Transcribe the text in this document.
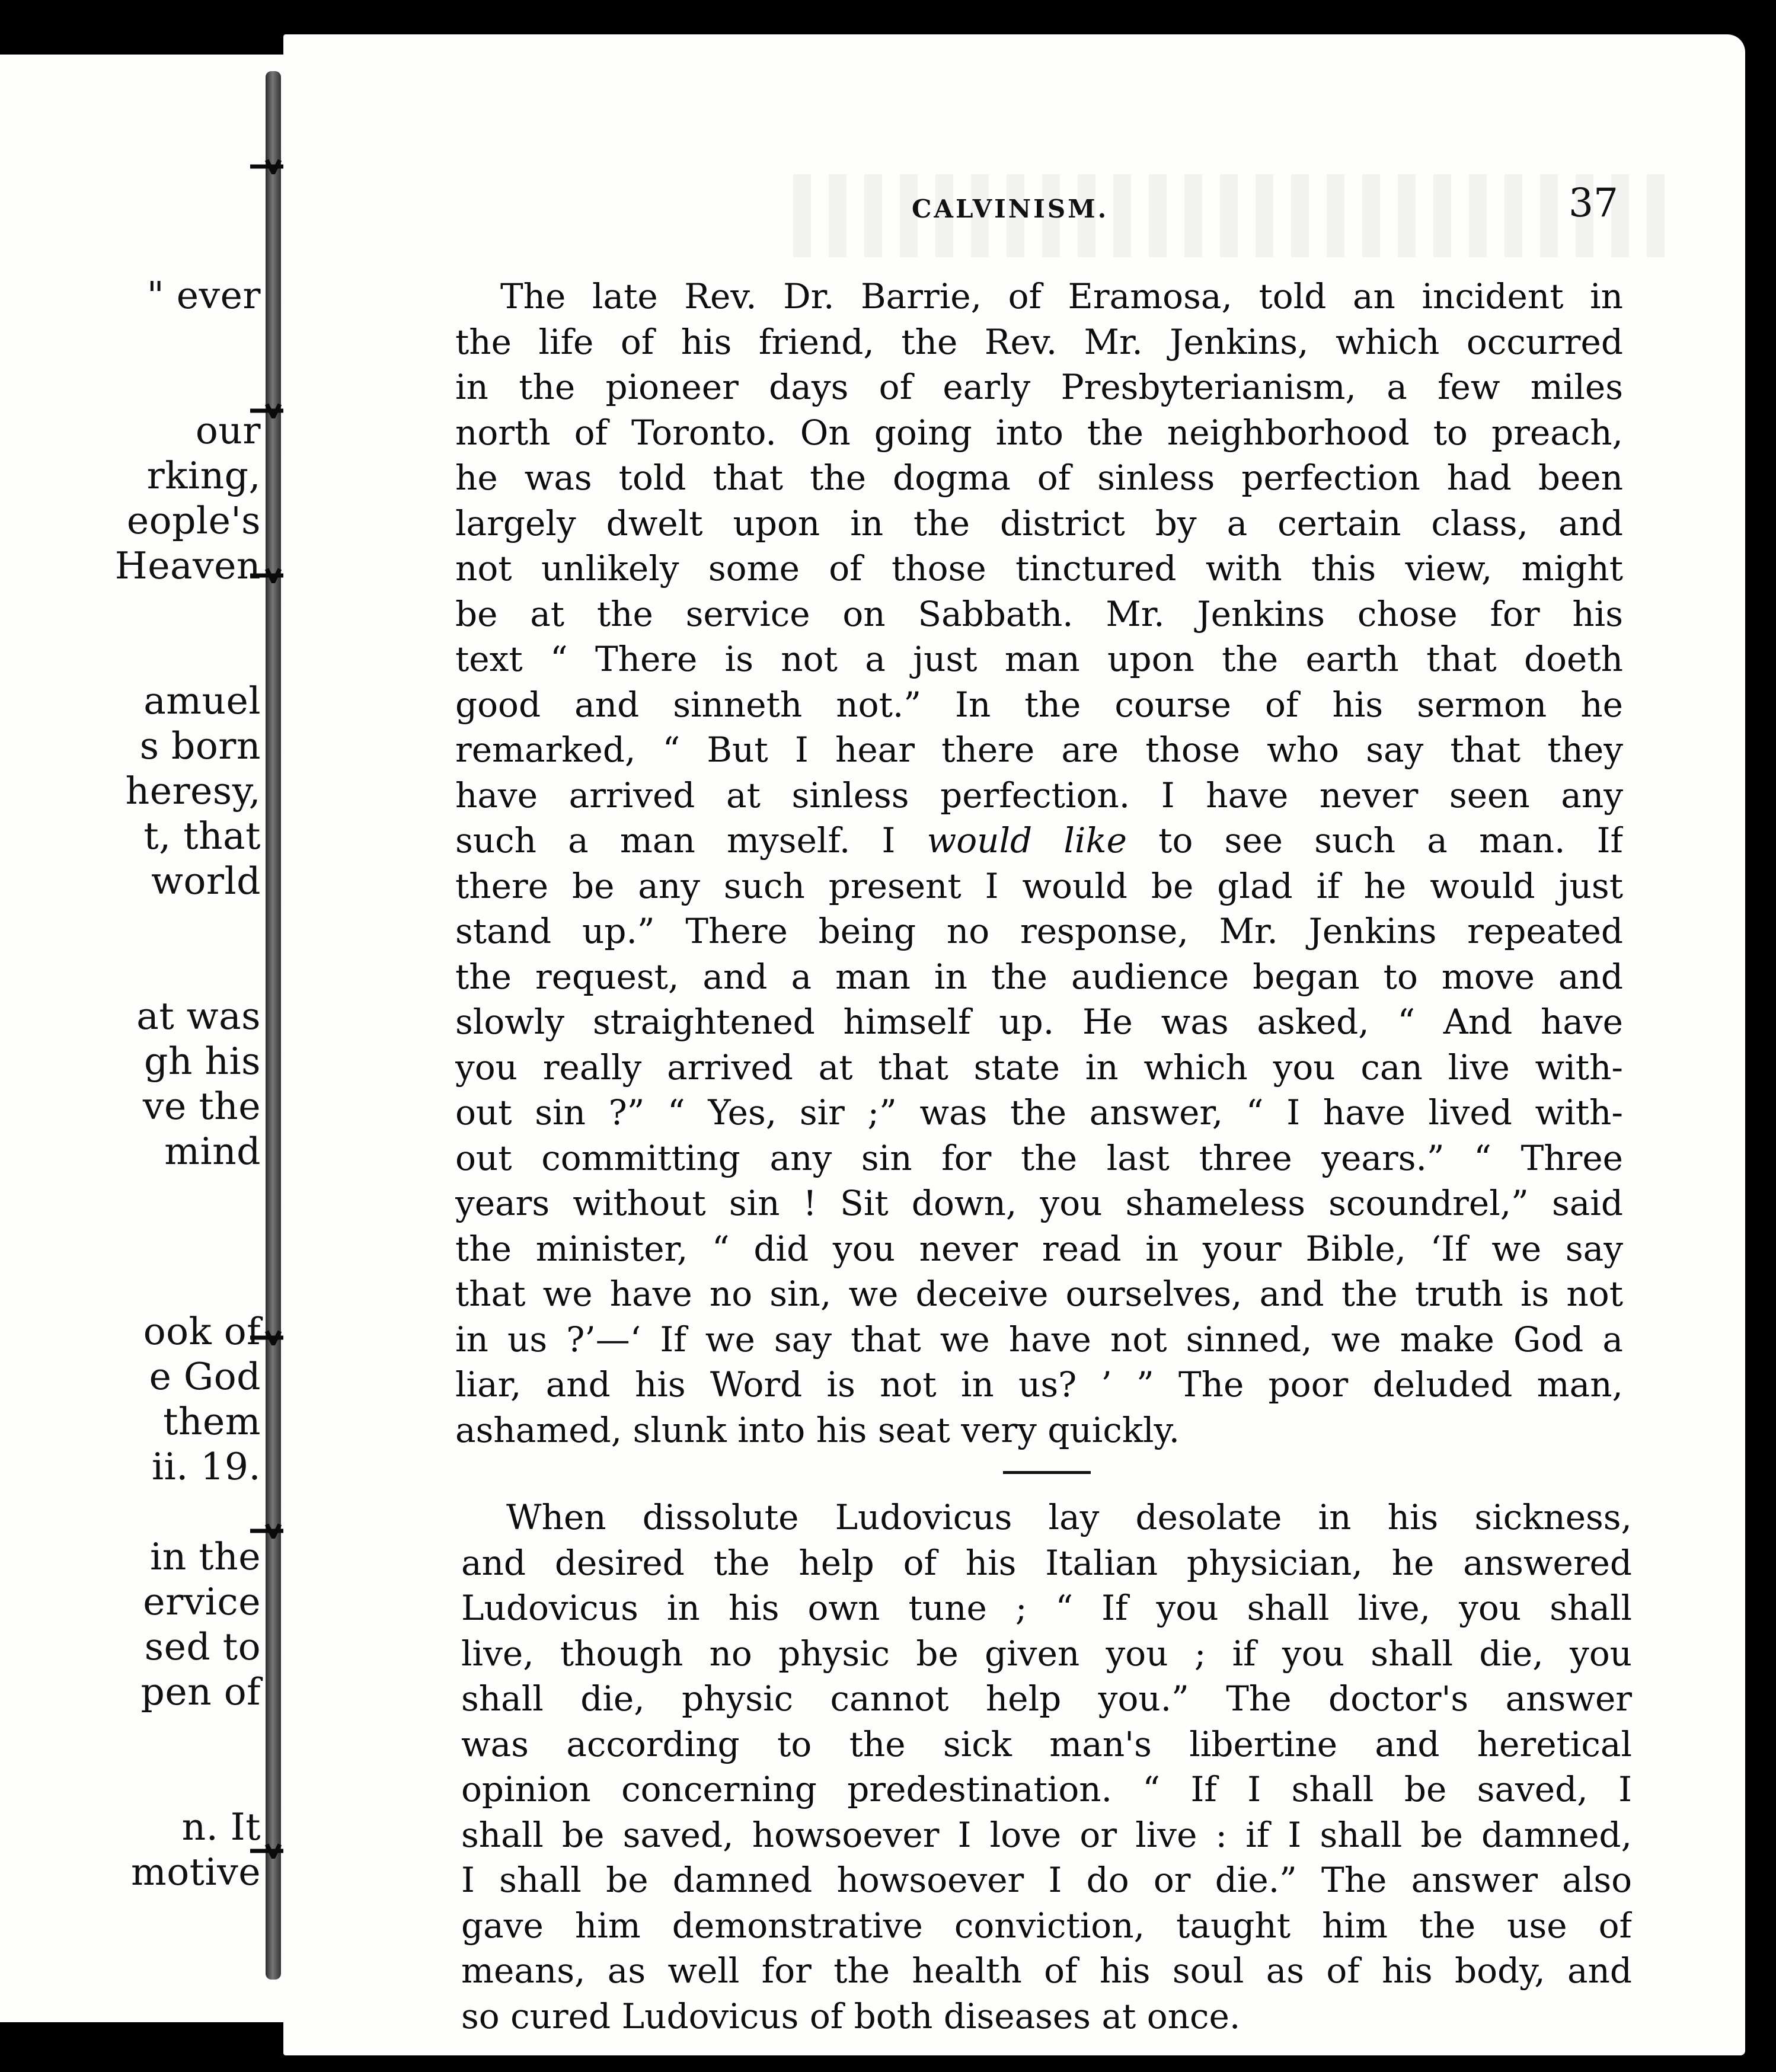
" ever
our
rking,
eople's
Heaven
amuel
s born
heresy,
t, that
world
at was
gh his
ve the
mind
ook of
e God
them
ii. 19.
in the
ervice
sed to
pen of
n. It
motive
CALVINISM.	37
The late Rev. Dr. Barrie, of Eramosa, told an incident in
the life of his friend, the Rev. Mr. Jenkins, which occurred
in the pioneer days of early Presbyterianism, a few miles
north of Toronto. On going into the neighborhood to preach,
he was told that the dogma of sinless perfection had been
largely dwelt upon in the district by a certain class, and
not unlikely some of those tinctured with this view, might
be at the service on Sabbath. Mr. Jenkins chose for his
text “ There is not a just man upon the earth that doeth
good and sinneth not.” In the course of his sermon he
remarked, “ But I hear there are those who say that they
have arrived at sinless perfection. I have never seen any
such a man myself. I would like to see such a man. If
there be any such present I would be glad if he would just
stand up.” There being no response, Mr. Jenkins repeated
the request, and a man in the audience began to move and
slowly straightened himself up. He was asked, “ And have
you really arrived at that state in which you can live with-
out sin ?” “ Yes, sir ;” was the answer, “ I have lived with-
out committing any sin for the last three years.” “ Three
years without sin ! Sit down, you shameless scoundrel,” said
the minister, “ did you never read in your Bible, ‘If we say
that we have no sin, we deceive ourselves, and the truth is not
in us ?’—‘ If we say that we have not sinned, we make God a
liar, and his Word is not in us? ’ ” The poor deluded man,
ashamed, slunk into his seat very quickly.
When dissolute Ludovicus lay desolate in his sickness,
and desired the help of his Italian physician, he answered
Ludovicus in his own tune ; “ If you shall live, you shall
live, though no physic be given you ; if you shall die, you
shall die, physic cannot help you.” The doctor's answer
was according to the sick man's libertine and heretical
opinion concerning predestination. “ If I shall be saved, I
shall be saved, howsoever I love or live : if I shall be damned,
I shall be damned howsoever I do or die.” The answer also
gave him demonstrative conviction, taught him the use of
means, as well for the health of his soul as of his body, and
so cured Ludovicus of both diseases at once.
